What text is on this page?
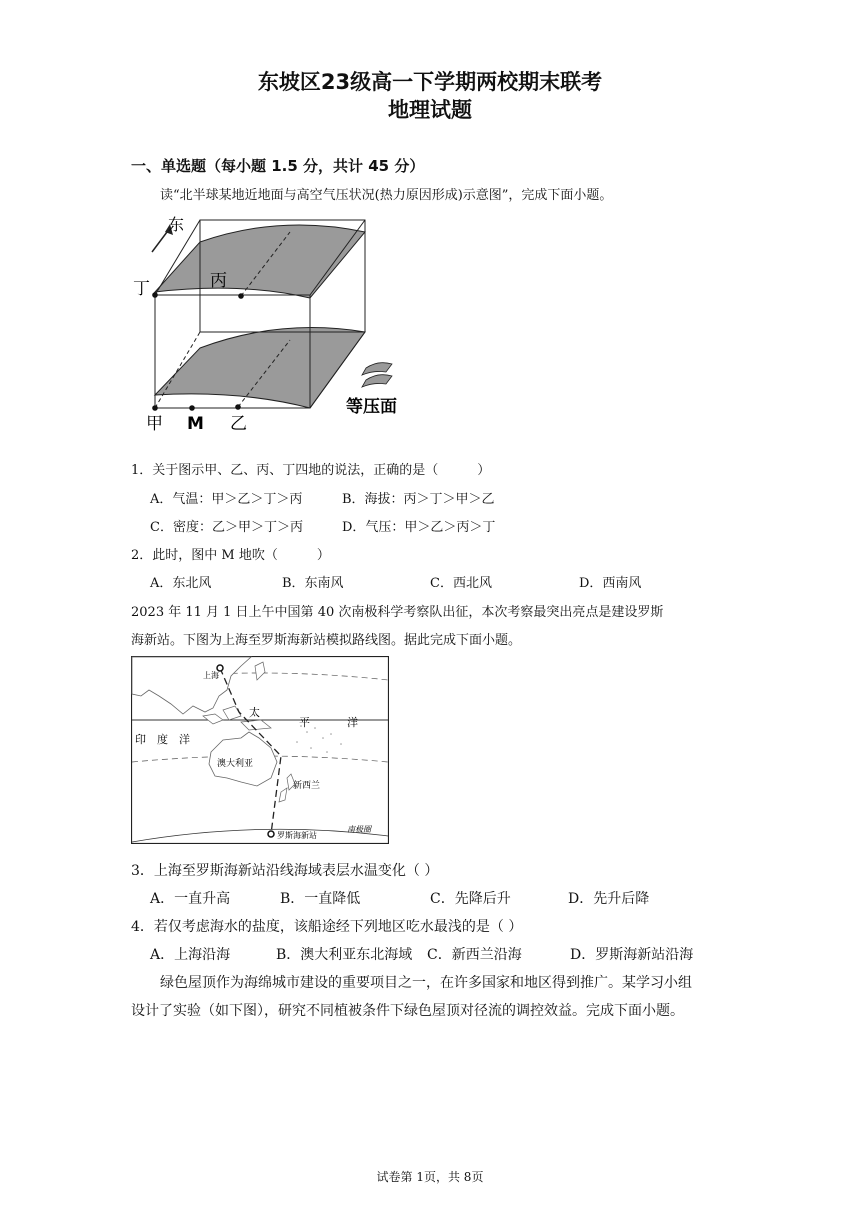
东坡区23级高一下学期两校期末联考
地理试题
一、单选题（每小题 1.5 分，共计 45 分）
读“北半球某地近地面与高空气压状况(热力原因形成)示意图”，完成下面小题。
东
丁	丙
甲 M 乙
等压面
1．关于图示甲、乙、丙、丁四地的说法，正确的是（　　　）
A．气温：甲＞乙＞丁＞丙	B．海拔：丙＞丁＞甲＞乙
C．密度：乙＞甲＞丁＞丙	D．气压：甲＞乙＞丙＞丁
2．此时，图中 M 地吹（　　　）
A．东北风	B．东南风	C．西北风	D．西南风
2023 年 11 月 1 日上午中国第 40 次南极科学考察队出征，本次考察最突出亮点是建设罗斯
海新站。下图为上海至罗斯海新站模拟路线图。据此完成下面小题。
上海
太
平	洋
印　度　洋
澳大利亚
新西兰
罗斯海新站
南极圈
3．上海至罗斯海新站沿线海域表层水温变化（ ）
A．一直升高	B．一直降低	C．先降后升	D．先升后降
4．若仅考虑海水的盐度，该船途经下列地区吃水最浅的是（ ）
A．上海沿海	B．澳大利亚东北海域 C．新西兰沿海	D．罗斯海新站沿海
绿色屋顶作为海绵城市建设的重要项目之一，在许多国家和地区得到推广。某学习小组
设计了实验（如下图），研究不同植被条件下绿色屋顶对径流的调控效益。完成下面小题。
试卷第 1页，共 8页
